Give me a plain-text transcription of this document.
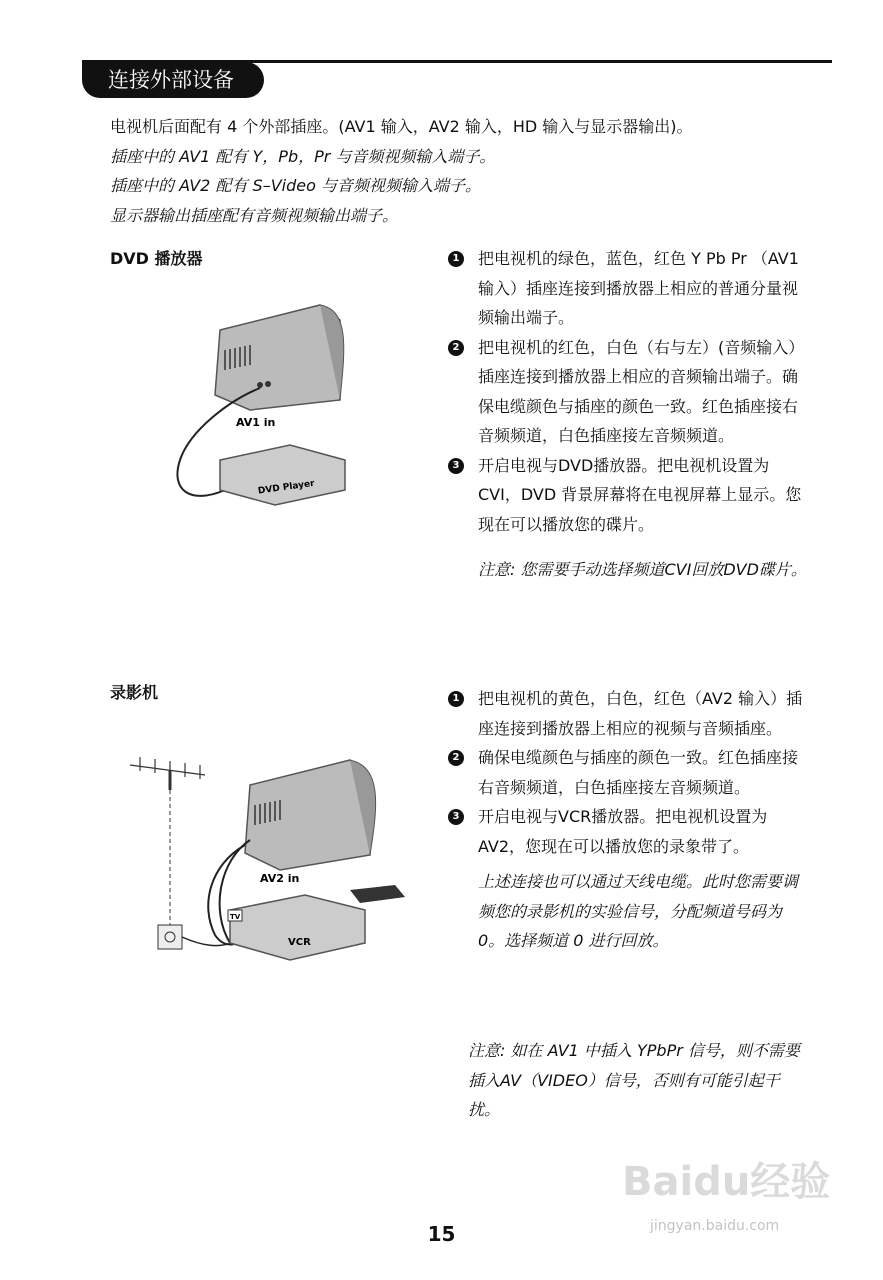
连接外部设备

电视机后面配有 4 个外部插座。(AV1 输入，AV2 输入，HD 输入与显示器输出)。

插座中的 AV1 配有 Y，Pb，Pr 与音频视频输入端子。

插座中的 AV2 配有 S–Video 与音频视频输入端子。

显示器输出插座配有音频视频输出端子。

DVD 播放器
AV1 in
DVD Player

1 把电视机的绿色，蓝色，红色 Y Pb Pr （AV1 输入）插座连接到播放器上相应的普通分量视频输出端子。

2 把电视机的红色，白色（右与左）(音频输入）插座连接到播放器上相应的音频输出端子。确保电缆颜色与插座的颜色一致。红色插座接右音频频道，白色插座接左音频频道。

3 开启电视与DVD播放器。把电视机设置为CVI，DVD 背景屏幕将在电视屏幕上显示。您现在可以播放您的碟片。

注意: 您需要手动选择频道CVI回放DVD碟片。

录影机
AV2 in
TV
VCR

1 把电视机的黄色，白色，红色（AV2 输入）插座连接到播放器上相应的视频与音频插座。

2 确保电缆颜色与插座的颜色一致。红色插座接右音频频道，白色插座接左音频频道。

3 开启电视与VCR播放器。把电视机设置为AV2，您现在可以播放您的录象带了。

上述连接也可以通过天线电缆。此时您需要调频您的录影机的实验信号，分配频道号码为 0。选择频道 0 进行回放。

注意: 如在 AV1 中插入 YPbPr 信号，则不需要插入AV（VIDEO）信号，否则有可能引起干扰。
15
Baidu经验
jingyan.baidu.com
